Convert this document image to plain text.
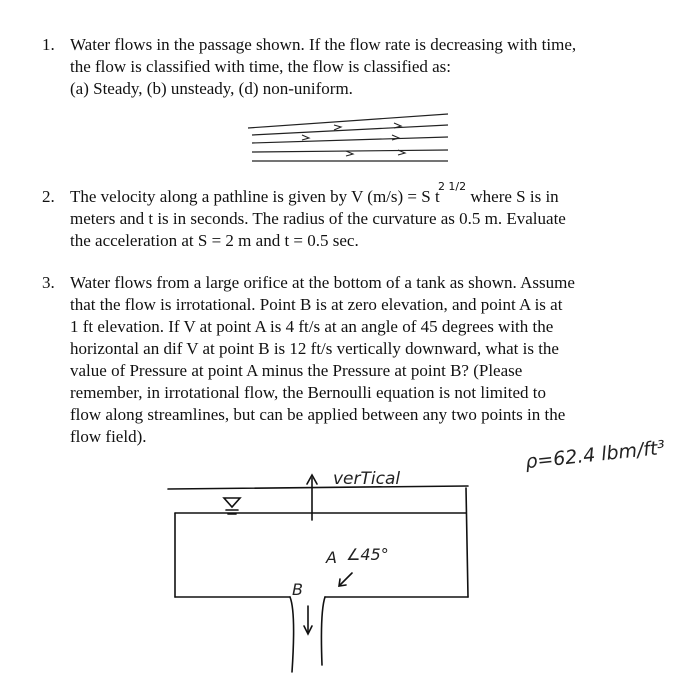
1. Water flows in the passage shown. If the flow rate is decreasing with time,
the flow is classified with time, the flow is classified as:
(a) Steady, (b) unsteady, (d) non-uniform.
2. The velocity along a pathline is given by V (m/s) = S t $^{2 1/2}$ where S is in
meters and t is in seconds. The radius of the curvature as 0.5 m. Evaluate
the acceleration at S = 2 m and t = 0.5 sec.
3. Water flows from a large orifice at the bottom of a tank as shown. Assume
that the flow is irrotational. Point B is at zero elevation, and point A is at
1 ft elevation. If V at point A is 4 ft/s at an angle of 45 degrees with the
horizontal an dif V at point B is 12 ft/s vertically downward, what is the
value of Pressure at point A minus the Pressure at point B? (Please
remember, in irrotational flow, the Bernoulli equation is not limited to
flow along streamlines, but can be applied between any two points in the
flow field).
ρ=62.4 lbm/ft³
verTical
A ∠45°
B
